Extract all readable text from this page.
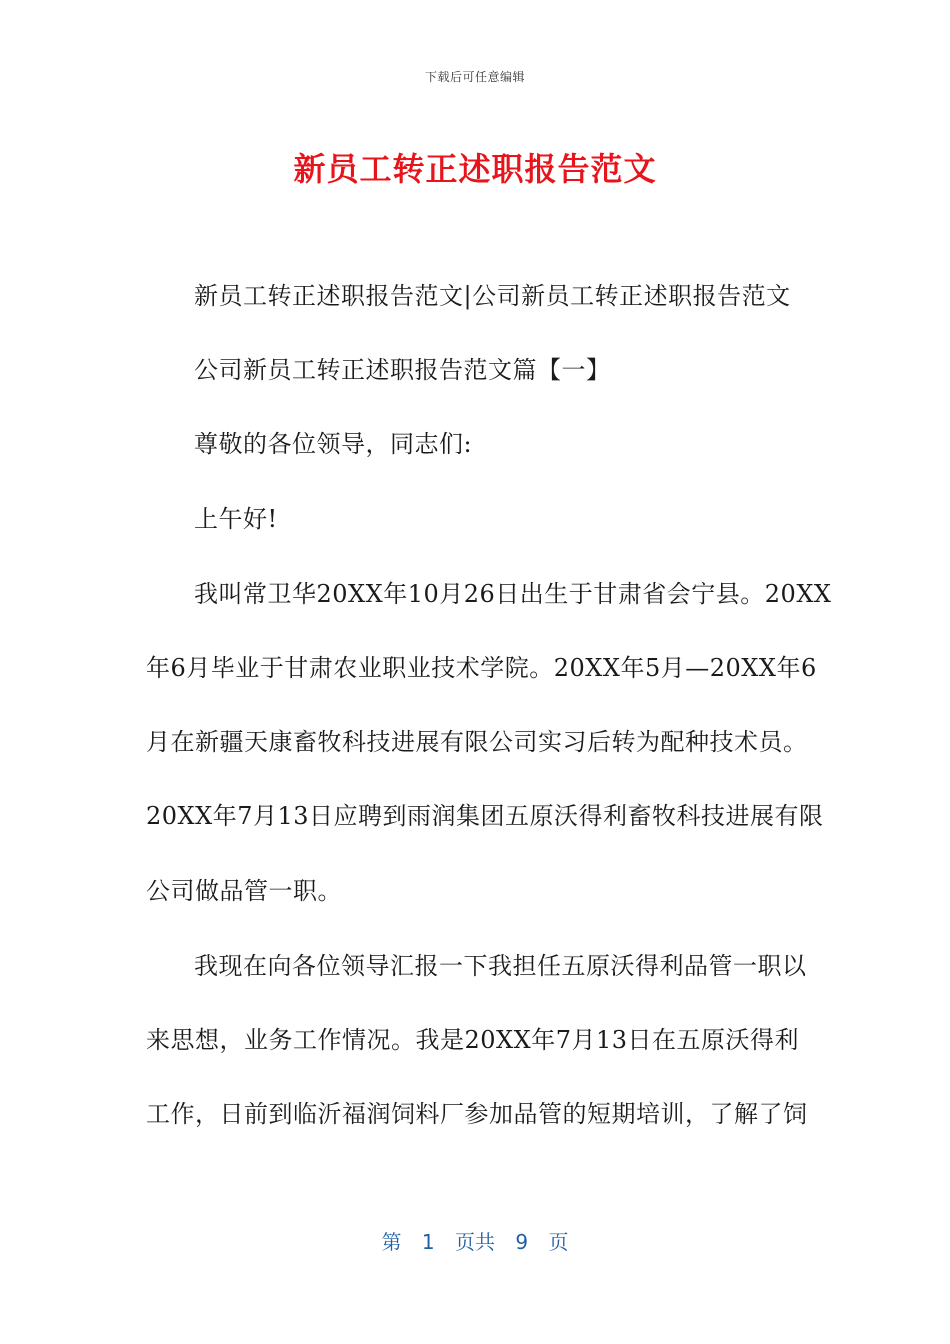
下载后可任意编辑
新员工转正述职报告范文
新员工转正述职报告范文|公司新员工转正述职报告范文
公司新员工转正述职报告范文篇【一】
尊敬的各位领导，同志们:
上午好!
我叫常卫华20XX年10月26日出生于甘肃省会宁县。20XX
年6月毕业于甘肃农业职业技术学院。20XX年5月—20XX年6
月在新疆天康畜牧科技进展有限公司实习后转为配种技术员。
20XX年7月13日应聘到雨润集团五原沃得利畜牧科技进展有限
公司做品管一职。
我现在向各位领导汇报一下我担任五原沃得利品管一职以
来思想，业务工作情况。我是20XX年7月13日在五原沃得利
工作，日前到临沂福润饲料厂参加品管的短期培训，了解了饲
第 1 页共 9 页
